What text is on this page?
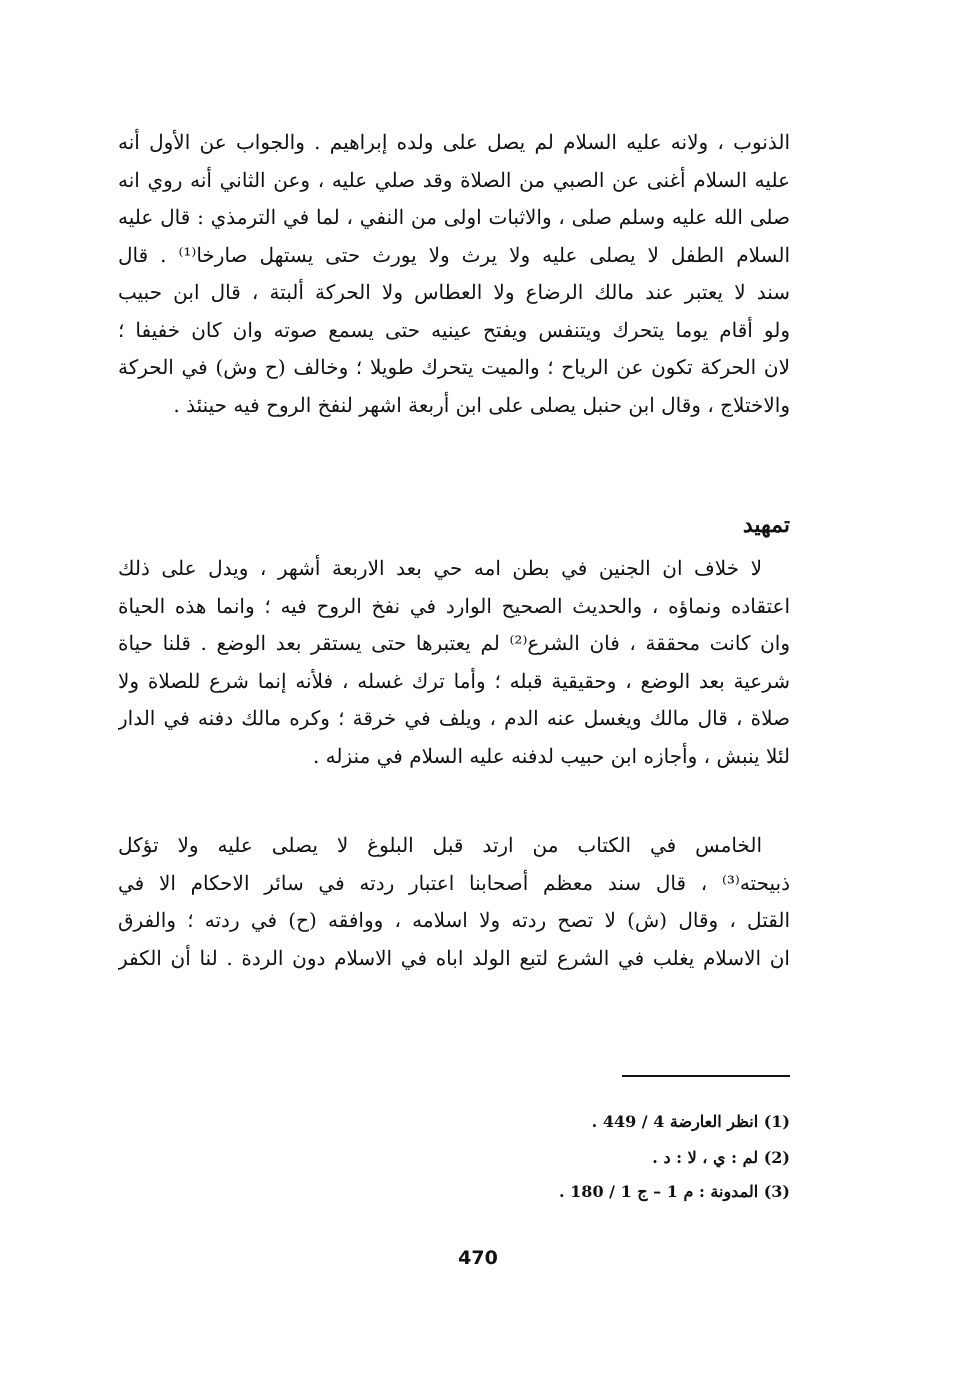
الذنوب ، ولانه عليه السلام لم يصل على ولده إبراهيم . والجواب عن الأول أنه
عليه السلام أغنى عن الصبي من الصلاة وقد صلي عليه ، وعن الثاني أنه روي انه
صلى الله عليه وسلم صلى ، والاثبات اولى من النفي ، لما في الترمذي : قال عليه
السلام الطفل لا يصلى عليه ولا يرث ولا يورث حتى يستهل صارخا⁽¹⁾ . قال
سند لا يعتبر عند مالك الرضاع ولا العطاس ولا الحركة ألبتة ، قال ابن حبيب
ولو أقام يوما يتحرك ويتنفس ويفتح عينيه حتى يسمع صوته وان كان خفيفا ؛
لان الحركة تكون عن الرياح ؛ والميت يتحرك طويلا ؛ وخالف (ح وش) في الحركة
والاختلاج ، وقال ابن حنبل يصلى على ابن أربعة اشهر لنفخ الروح فيه حينئذ .
تمهيد
لا خلاف ان الجنين في بطن امه حي بعد الاربعة أشهر ، ويدل على ذلك
اعتقاده ونماؤه ، والحديث الصحيح الوارد في نفخ الروح فيه ؛ وانما هذه الحياة
وان كانت محققة ، فان الشرع⁽²⁾ لم يعتبرها حتى يستقر بعد الوضع . قلنا حياة
شرعية بعد الوضع ، وحقيقية قبله ؛ وأما ترك غسله ، فلأنه إنما شرع للصلاة ولا
صلاة ، قال مالك ويغسل عنه الدم ، ويلف في خرقة ؛ وكره مالك دفنه في الدار
لئلا ينبش ، وأجازه ابن حبيب لدفنه عليه السلام في منزله .
الخامس في الكتاب من ارتد قبل البلوغ لا يصلى عليه ولا تؤكل
ذبيحته⁽³⁾ ، قال سند معظم أصحابنا اعتبار ردته في سائر الاحكام الا في
القتل ، وقال (ش) لا تصح ردته ولا اسلامه ، ووافقه (ح) في ردته ؛ والفرق
ان الاسلام يغلب في الشرع لتبع الولد اباه في الاسلام دون الردة . لنا أن الكفر
(1) انظر العارضة 4 / 449 .
(2) لم : ي ، لا : د .
(3) المدونة : م 1 – ج 1 / 180 .
470
